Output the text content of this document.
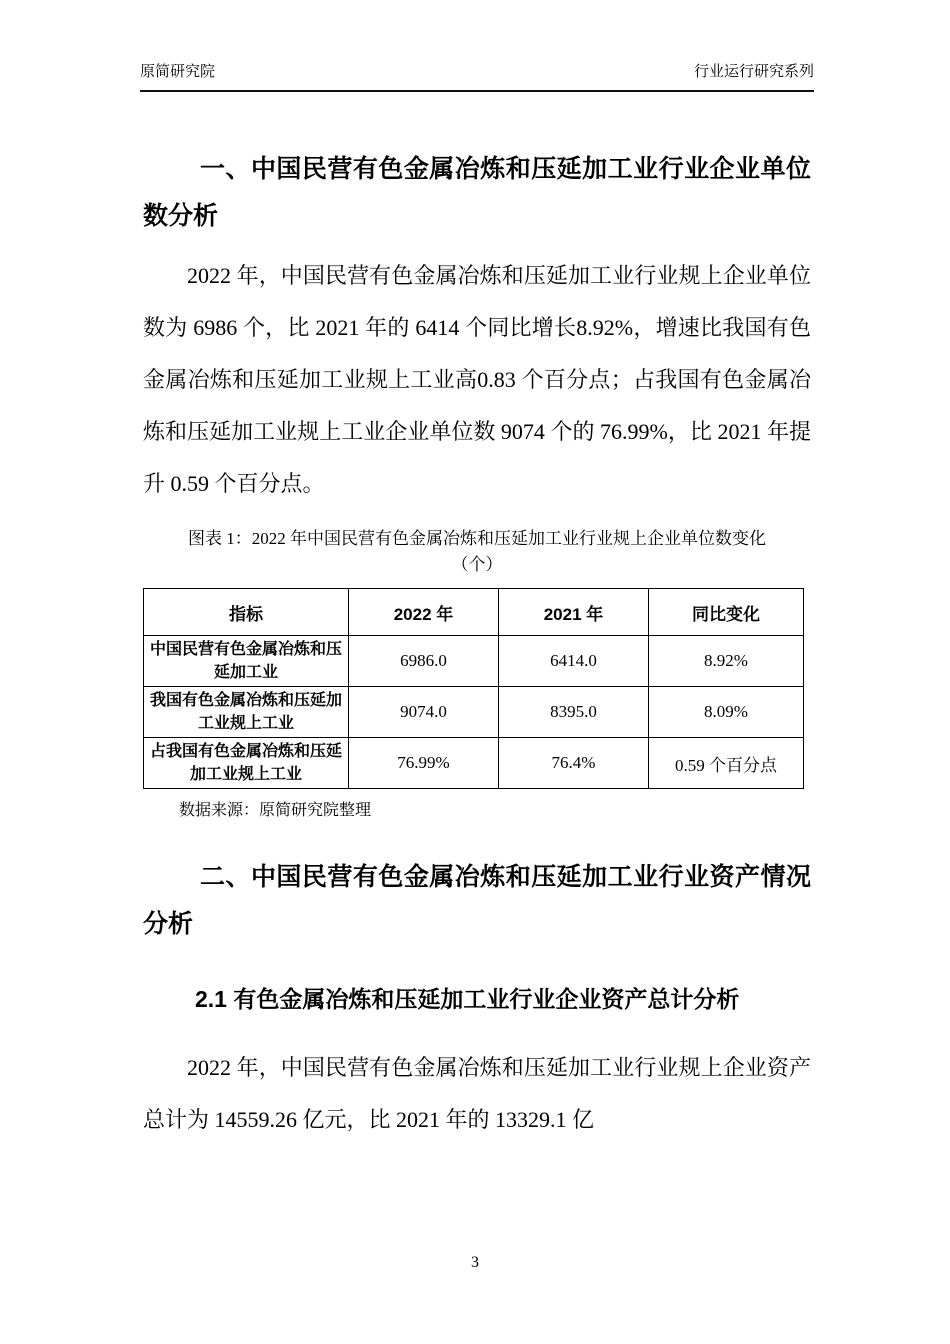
原简研究院	行业运行研究系列
一、中国民营有色金属冶炼和压延加工业行业企业单位数分析
2022 年，中国民营有色金属冶炼和压延加工业行业规上企业单位数为 6986 个，比 2021 年的 6414 个同比增长8.92%，增速比我国有色金属冶炼和压延加工业规上工业高0.83 个百分点；占我国有色金属冶炼和压延加工业规上工业企业单位数 9074 个的 76.99%，比 2021 年提升 0.59 个百分点。
图表 1：2022 年中国民营有色金属冶炼和压延加工业行业规上企业单位数变化
（个）
指标	2022 年	2021 年	同比变化
中国民营有色金属冶炼和压延加工业	6986.0	6414.0	8.92%
我国有色金属冶炼和压延加工业规上工业	9074.0	8395.0	8.09%
占我国有色金属冶炼和压延加工业规上工业	76.99%	76.4%	0.59 个百分点
数据来源：原简研究院整理
二、中国民营有色金属冶炼和压延加工业行业资产情况分析
2.1 有色金属冶炼和压延加工业行业企业资产总计分析
2022 年，中国民营有色金属冶炼和压延加工业行业规上企业资产总计为 14559.26 亿元，比 2021 年的 13329.1 亿
3
